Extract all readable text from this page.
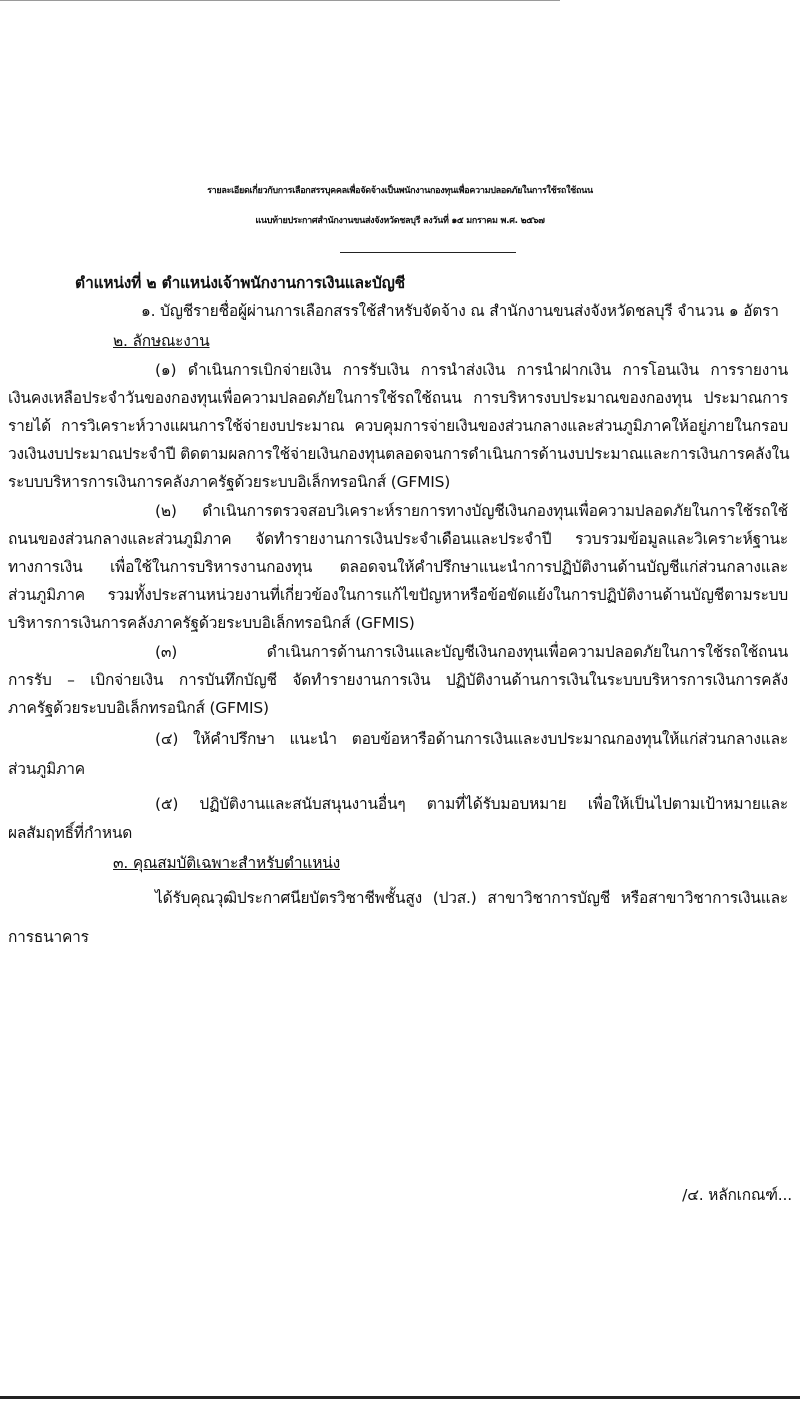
รายละเอียดเกี่ยวกับการเลือกสรรบุคคลเพื่อจัดจ้างเป็นพนักงานกองทุนเพื่อความปลอดภัยในการใช้รถใช้ถนน
แนบท้ายประกาศสำนักงานขนส่งจังหวัดชลบุรี ลงวันที่ ๑๕ มกราคม พ.ศ. ๒๕๖๗
ตำแหน่งที่ ๒ ตำแหน่งเจ้าพนักงานการเงินและบัญชี
๑. บัญชีรายชื่อผู้ผ่านการเลือกสรรใช้สำหรับจัดจ้าง ณ สำนักงานขนส่งจังหวัดชลบุรี จำนวน ๑ อัตรา
๒. ลักษณะงาน
(๑) ดำเนินการเบิกจ่ายเงิน การรับเงิน การนำส่งเงิน การนำฝากเงิน การโอนเงิน การรายงาน
เงินคงเหลือประจำวันของกองทุนเพื่อความปลอดภัยในการใช้รถใช้ถนน การบริหารงบประมาณของกองทุน ประมาณการ
รายได้ การวิเคราะห์วางแผนการใช้จ่ายงบประมาณ ควบคุมการจ่ายเงินของส่วนกลางและส่วนภูมิภาคให้อยู่ภายในกรอบ
วงเงินงบประมาณประจำปี ติดตามผลการใช้จ่ายเงินกองทุนตลอดจนการดำเนินการด้านงบประมาณและการเงินการคลังใน
ระบบบริหารการเงินการคลังภาครัฐด้วยระบบอิเล็กทรอนิกส์ (GFMIS)
(๒) ดำเนินการตรวจสอบวิเคราะห์รายการทางบัญชีเงินกองทุนเพื่อความปลอดภัยในการใช้รถใช้
ถนนของส่วนกลางและส่วนภูมิภาค จัดทำรายงานการเงินประจำเดือนและประจำปี รวบรวมข้อมูลและวิเคราะห์ฐานะ
ทางการเงิน เพื่อใช้ในการบริหารงานกองทุน ตลอดจนให้คำปรึกษาแนะนำการปฏิบัติงานด้านบัญชีแก่ส่วนกลางและ
ส่วนภูมิภาค รวมทั้งประสานหน่วยงานที่เกี่ยวข้องในการแก้ไขปัญหาหรือข้อขัดแย้งในการปฏิบัติงานด้านบัญชีตามระบบ
บริหารการเงินการคลังภาครัฐด้วยระบบอิเล็กทรอนิกส์ (GFMIS)
(๓) ดำเนินการด้านการเงินและบัญชีเงินกองทุนเพื่อความปลอดภัยในการใช้รถใช้ถนน
การรับ – เบิกจ่ายเงิน การบันทึกบัญชี จัดทำรายงานการเงิน ปฏิบัติงานด้านการเงินในระบบบริหารการเงินการคลัง
ภาครัฐด้วยระบบอิเล็กทรอนิกส์ (GFMIS)
(๔) ให้คำปรึกษา แนะนำ ตอบข้อหารือด้านการเงินและงบประมาณกองทุนให้แก่ส่วนกลางและ
ส่วนภูมิภาค
(๕) ปฏิบัติงานและสนับสนุนงานอื่นๆ ตามที่ได้รับมอบหมาย เพื่อให้เป็นไปตามเป้าหมายและ
ผลสัมฤทธิ์ที่กำหนด
๓. คุณสมบัติเฉพาะสำหรับตำแหน่ง
ได้รับคุณวุฒิประกาศนียบัตรวิชาชีพชั้นสูง (ปวส.) สาขาวิชาการบัญชี หรือสาขาวิชาการเงินและ
การธนาคาร
/๔. หลักเกณฑ์...
